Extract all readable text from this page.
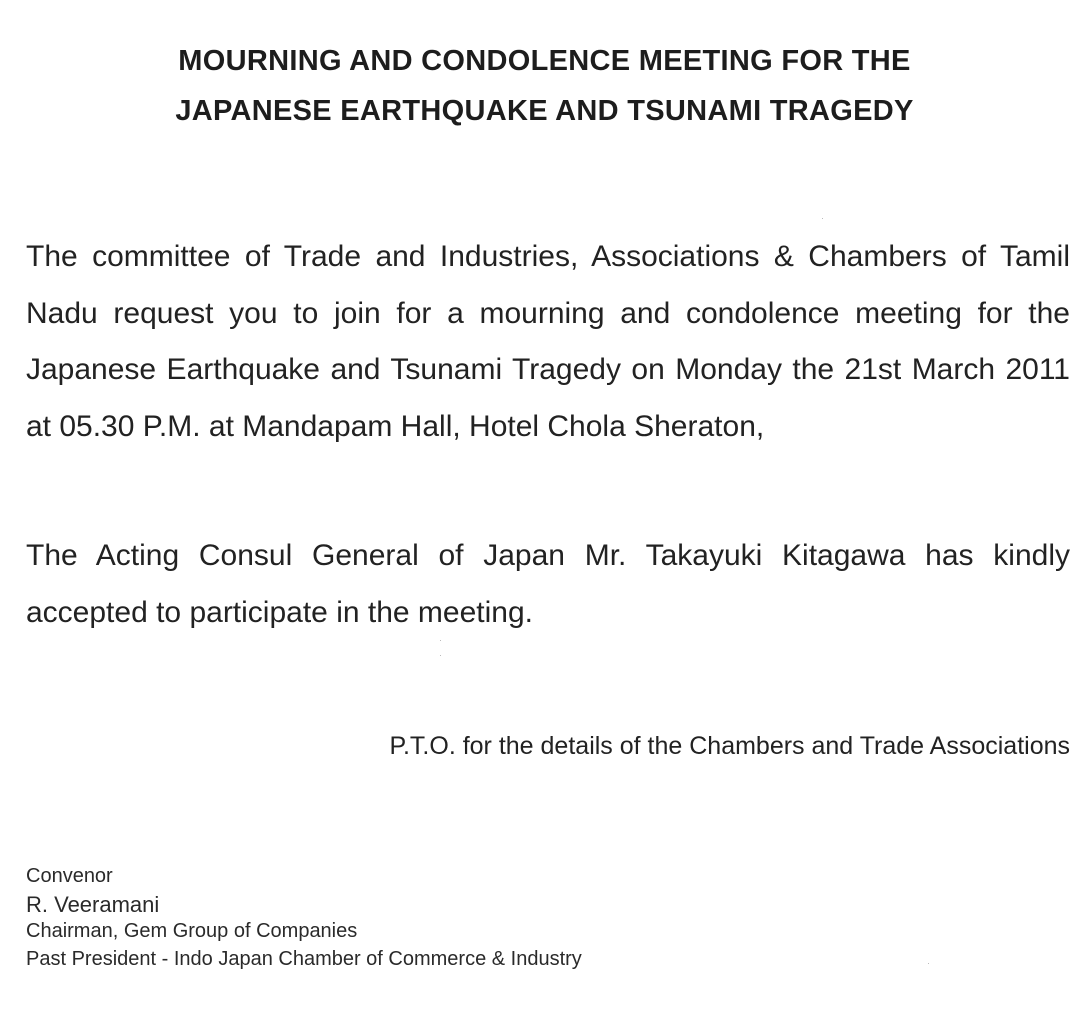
MOURNING AND CONDOLENCE MEETING FOR THE
JAPANESE EARTHQUAKE AND TSUNAMI TRAGEDY
The committee of Trade and Industries, Associations & Chambers of Tamil Nadu request you to join for a mourning and condolence meeting for the Japanese Earthquake and Tsunami Tragedy on Monday the 21st March 2011 at 05.30 P.M. at Mandapam Hall, Hotel Chola Sheraton,
The Acting Consul General of Japan Mr. Takayuki Kitagawa has kindly accepted to participate in the meeting.
P.T.O. for the details of the Chambers and Trade Associations
Convenor
R. Veeramani
Chairman, Gem Group of Companies
Past President - Indo Japan Chamber of Commerce & Industry
